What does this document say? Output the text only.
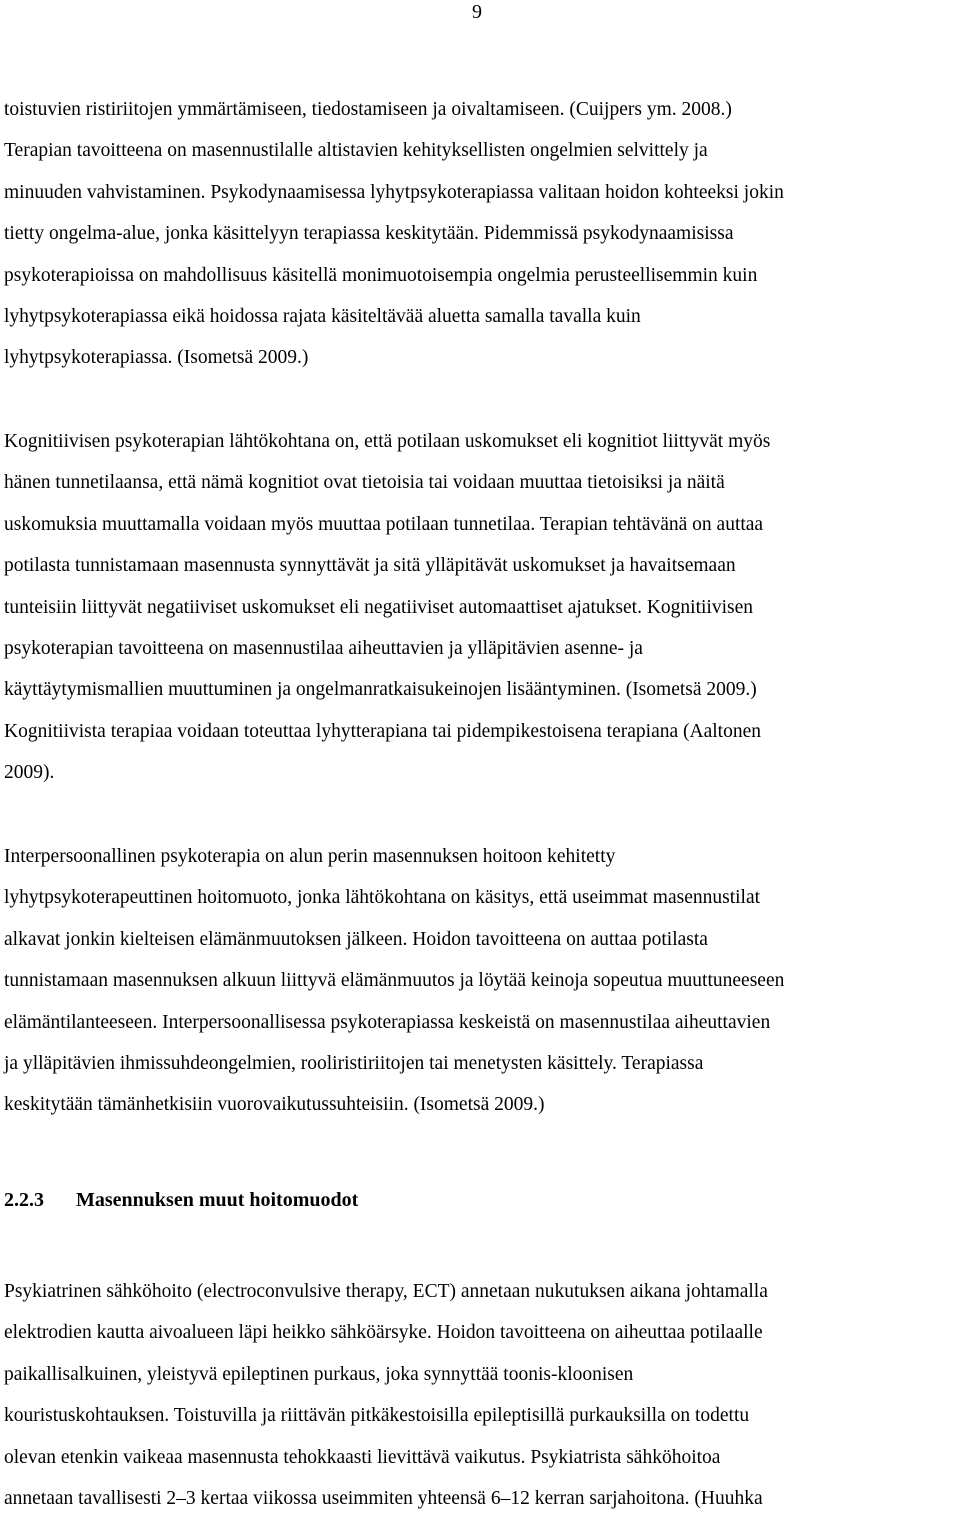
9

toistuvien ristiriitojen ymmärtämiseen, tiedostamiseen ja oivaltamiseen. (Cuijpers ym. 2008.)
Terapian tavoitteena on masennustilalle altistavien kehityksellisten ongelmien selvittely ja
minuuden vahvistaminen. Psykodynaamisessa lyhytpsykoterapiassa valitaan hoidon kohteeksi jokin
tietty ongelma-alue, jonka käsittelyyn terapiassa keskitytään. Pidemmissä psykodynaamisissa
psykoterapioissa on mahdollisuus käsitellä monimuotoisempia ongelmia perusteellisemmin kuin
lyhytpsykoterapiassa eikä hoidossa rajata käsiteltävää aluetta samalla tavalla kuin
lyhytpsykoterapiassa. (Isometsä 2009.)

Kognitiivisen psykoterapian lähtökohtana on, että potilaan uskomukset eli kognitiot liittyvät myös
hänen tunnetilaansa, että nämä kognitiot ovat tietoisia tai voidaan muuttaa tietoisiksi ja näitä
uskomuksia muuttamalla voidaan myös muuttaa potilaan tunnetilaa. Terapian tehtävänä on auttaa
potilasta tunnistamaan masennusta synnyttävät ja sitä ylläpitävät uskomukset ja havaitsemaan
tunteisiin liittyvät negatiiviset uskomukset eli negatiiviset automaattiset ajatukset. Kognitiivisen
psykoterapian tavoitteena on masennustilaa aiheuttavien ja ylläpitävien asenne- ja
käyttäytymismallien muuttuminen ja ongelmanratkaisukeinojen lisääntyminen. (Isometsä 2009.)
Kognitiivista terapiaa voidaan toteuttaa lyhytterapiana tai pidempikestoisena terapiana (Aaltonen
2009).

Interpersoonallinen psykoterapia on alun perin masennuksen hoitoon kehitetty
lyhytpsykoterapeuttinen hoitomuoto, jonka lähtökohtana on käsitys, että useimmat masennustilat
alkavat jonkin kielteisen elämänmuutoksen jälkeen. Hoidon tavoitteena on auttaa potilasta
tunnistamaan masennuksen alkuun liittyvä elämänmuutos ja löytää keinoja sopeutua muuttuneeseen
elämäntilanteeseen. Interpersoonallisessa psykoterapiassa keskeistä on masennustilaa aiheuttavien
ja ylläpitävien ihmissuhdeongelmien, rooliristiriitojen tai menetysten käsittely. Terapiassa
keskitytään tämänhetkisiin vuorovaikutussuhteisiin. (Isometsä 2009.)

2.2.3 Masennuksen muut hoitomuodot

Psykiatrinen sähköhoito (electroconvulsive therapy, ECT) annetaan nukutuksen aikana johtamalla
elektrodien kautta aivoalueen läpi heikko sähköärsyke. Hoidon tavoitteena on aiheuttaa potilaalle
paikallisalkuinen, yleistyvä epileptinen purkaus, joka synnyttää toonis-kloonisen
kouristuskohtauksen. Toistuvilla ja riittävän pitkäkestoisilla epileptisillä purkauksilla on todettu
olevan etenkin vaikeaa masennusta tehokkaasti lievittävä vaikutus. Psykiatrista sähköhoitoa
annetaan tavallisesti 2–3 kertaa viikossa useimmiten yhteensä 6–12 kerran sarjahoitona. (Huuhka
